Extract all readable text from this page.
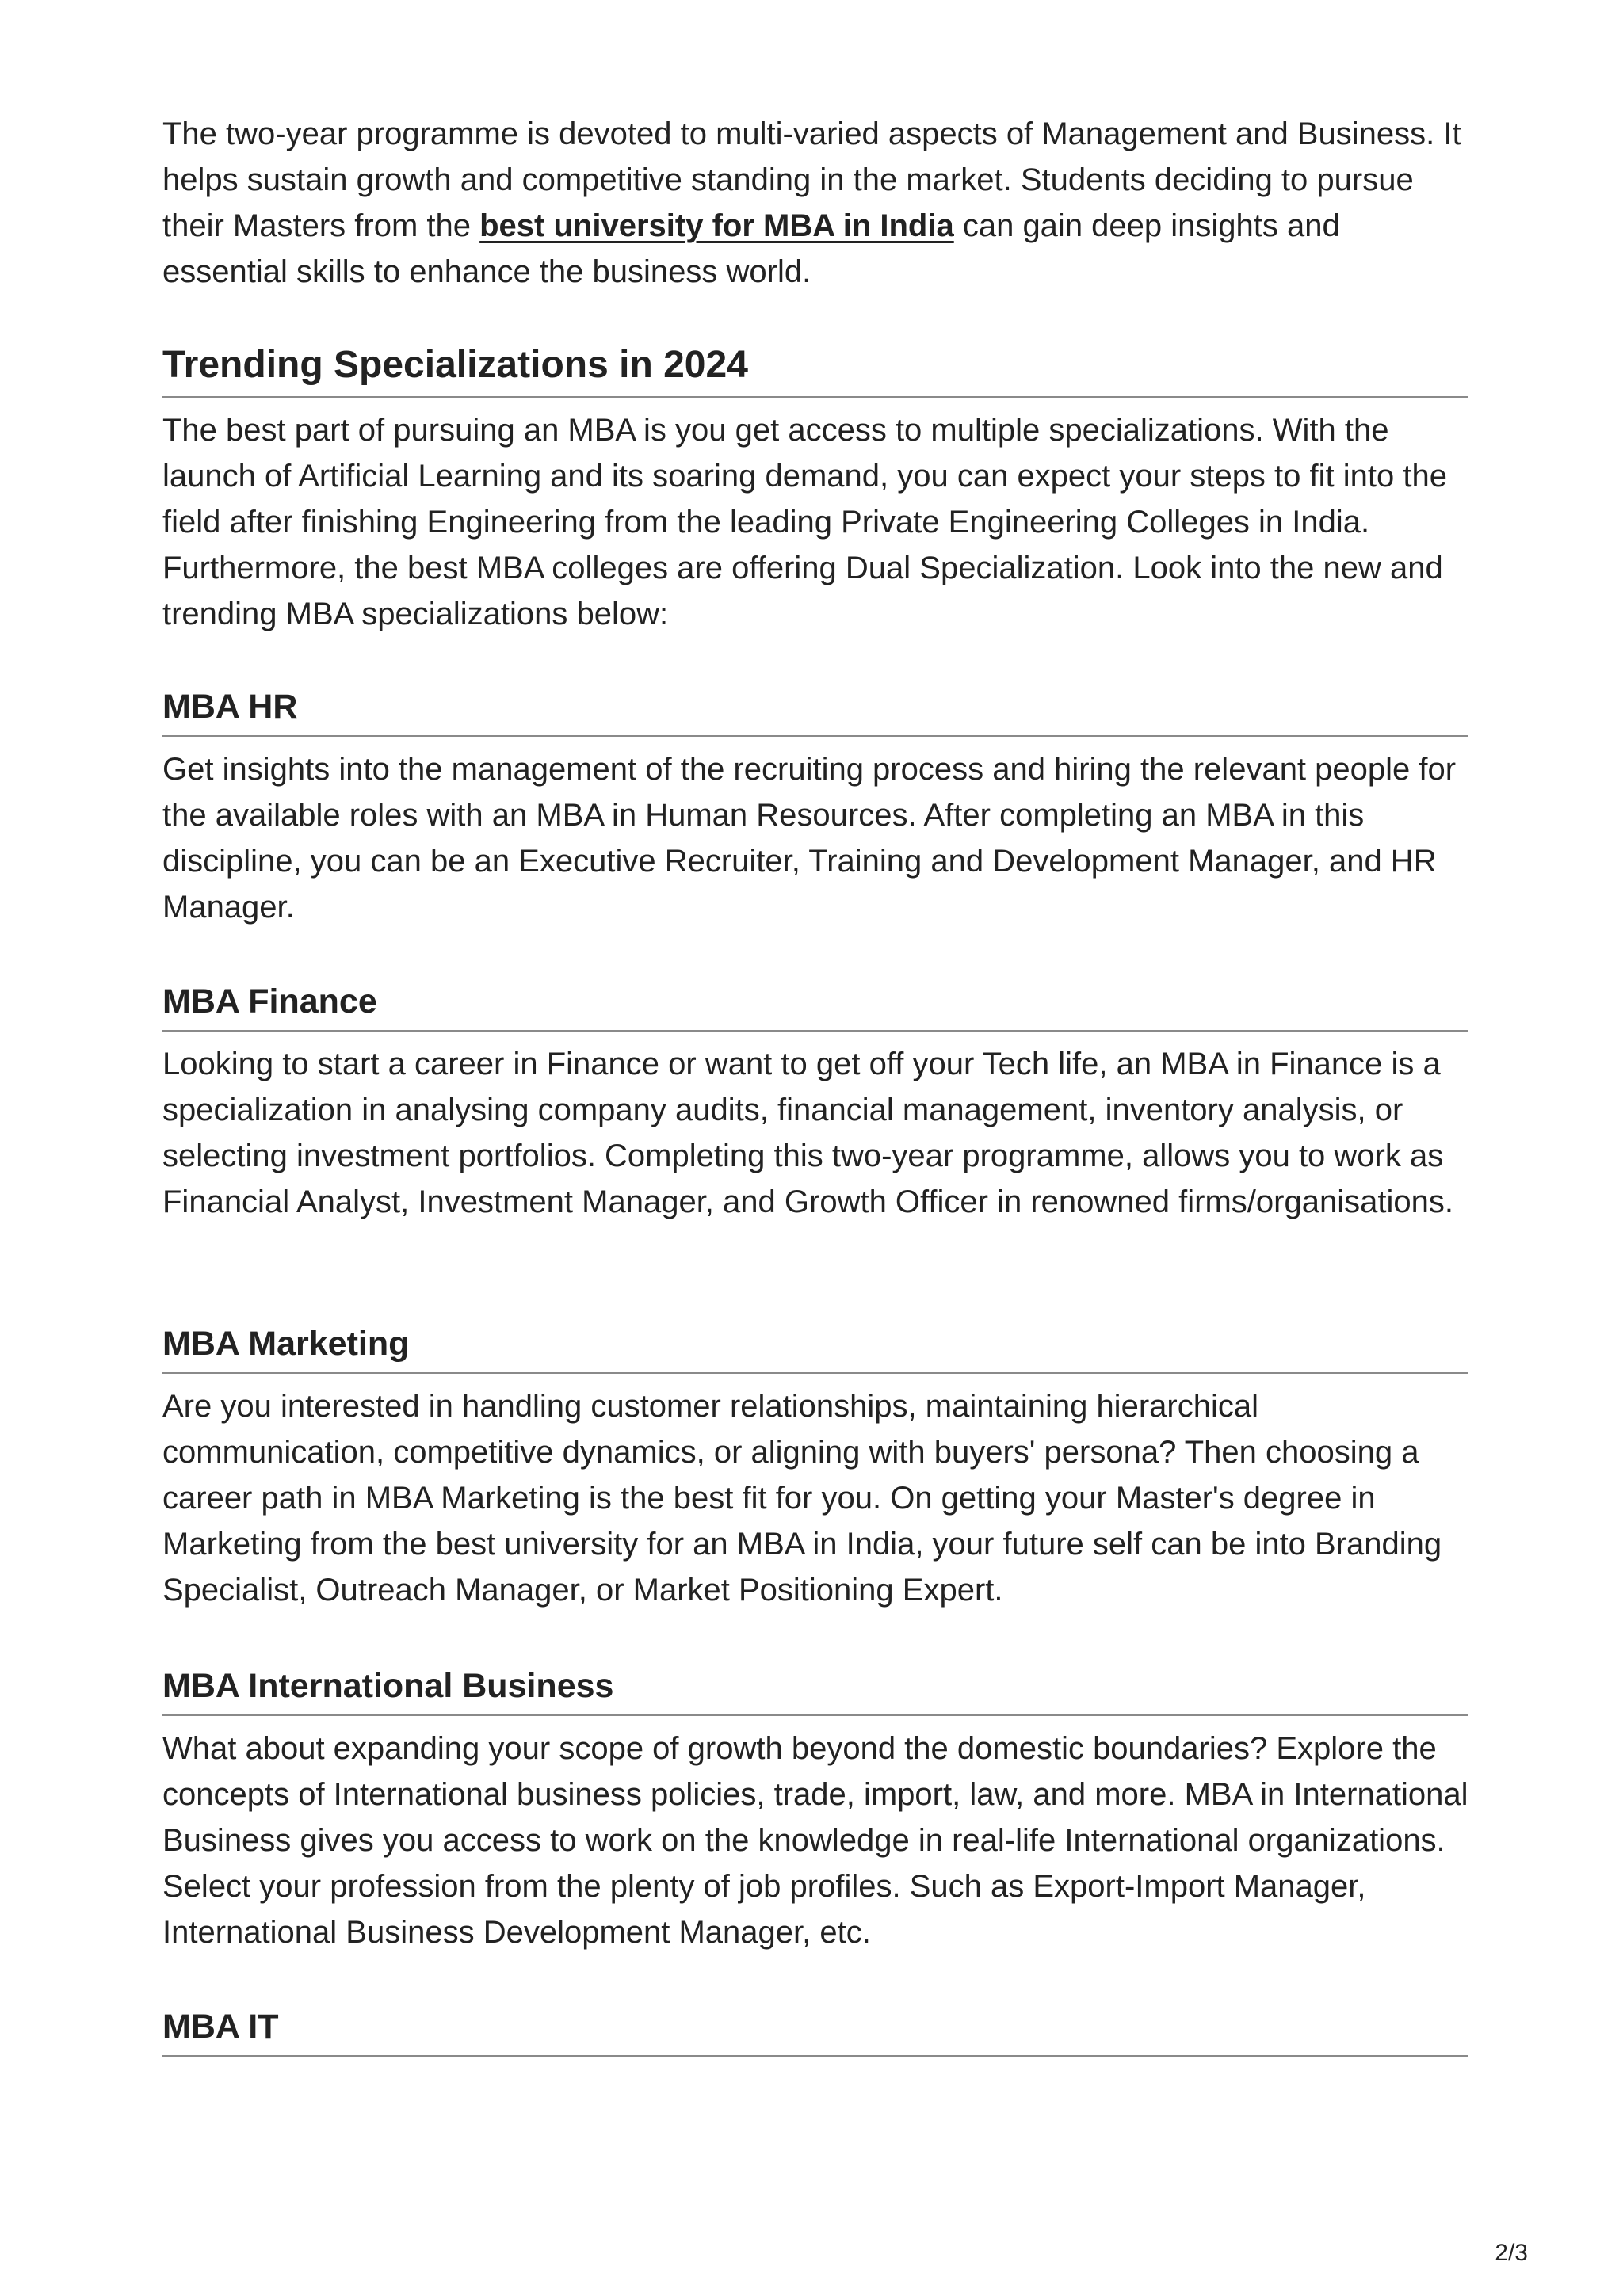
The two-year programme is devoted to multi-varied aspects of Management and Business. It helps sustain growth and competitive standing in the market. Students deciding to pursue their Masters from the best university for MBA in India can gain deep insights and essential skills to enhance the business world.

Trending Specializations in 2024

The best part of pursuing an MBA is you get access to multiple specializations. With the launch of Artificial Learning and its soaring demand, you can expect your steps to fit into the field after finishing Engineering from the leading Private Engineering Colleges in India. Furthermore, the best MBA colleges are offering Dual Specialization. Look into the new and trending MBA specializations below:

MBA HR

Get insights into the management of the recruiting process and hiring the relevant people for the available roles with an MBA in Human Resources. After completing an MBA in this discipline, you can be an Executive Recruiter, Training and Development Manager, and HR Manager.

MBA Finance

Looking to start a career in Finance or want to get off your Tech life, an MBA in Finance is a specialization in analysing company audits, financial management, inventory analysis, or selecting investment portfolios. Completing this two-year programme, allows you to work as Financial Analyst, Investment Manager, and Growth Officer in renowned firms/organisations.

MBA Marketing

Are you interested in handling customer relationships, maintaining hierarchical communication, competitive dynamics, or aligning with buyers' persona? Then choosing a career path in MBA Marketing is the best fit for you. On getting your Master's degree in Marketing from the best university for an MBA in India, your future self can be into Branding Specialist, Outreach Manager, or Market Positioning Expert.

MBA International Business

What about expanding your scope of growth beyond the domestic boundaries? Explore the concepts of International business policies, trade, import, law, and more. MBA in International Business gives you access to work on the knowledge in real-life International organizations. Select your profession from the plenty of job profiles. Such as Export-Import Manager, International Business Development Manager, etc.

MBA IT
2/3
